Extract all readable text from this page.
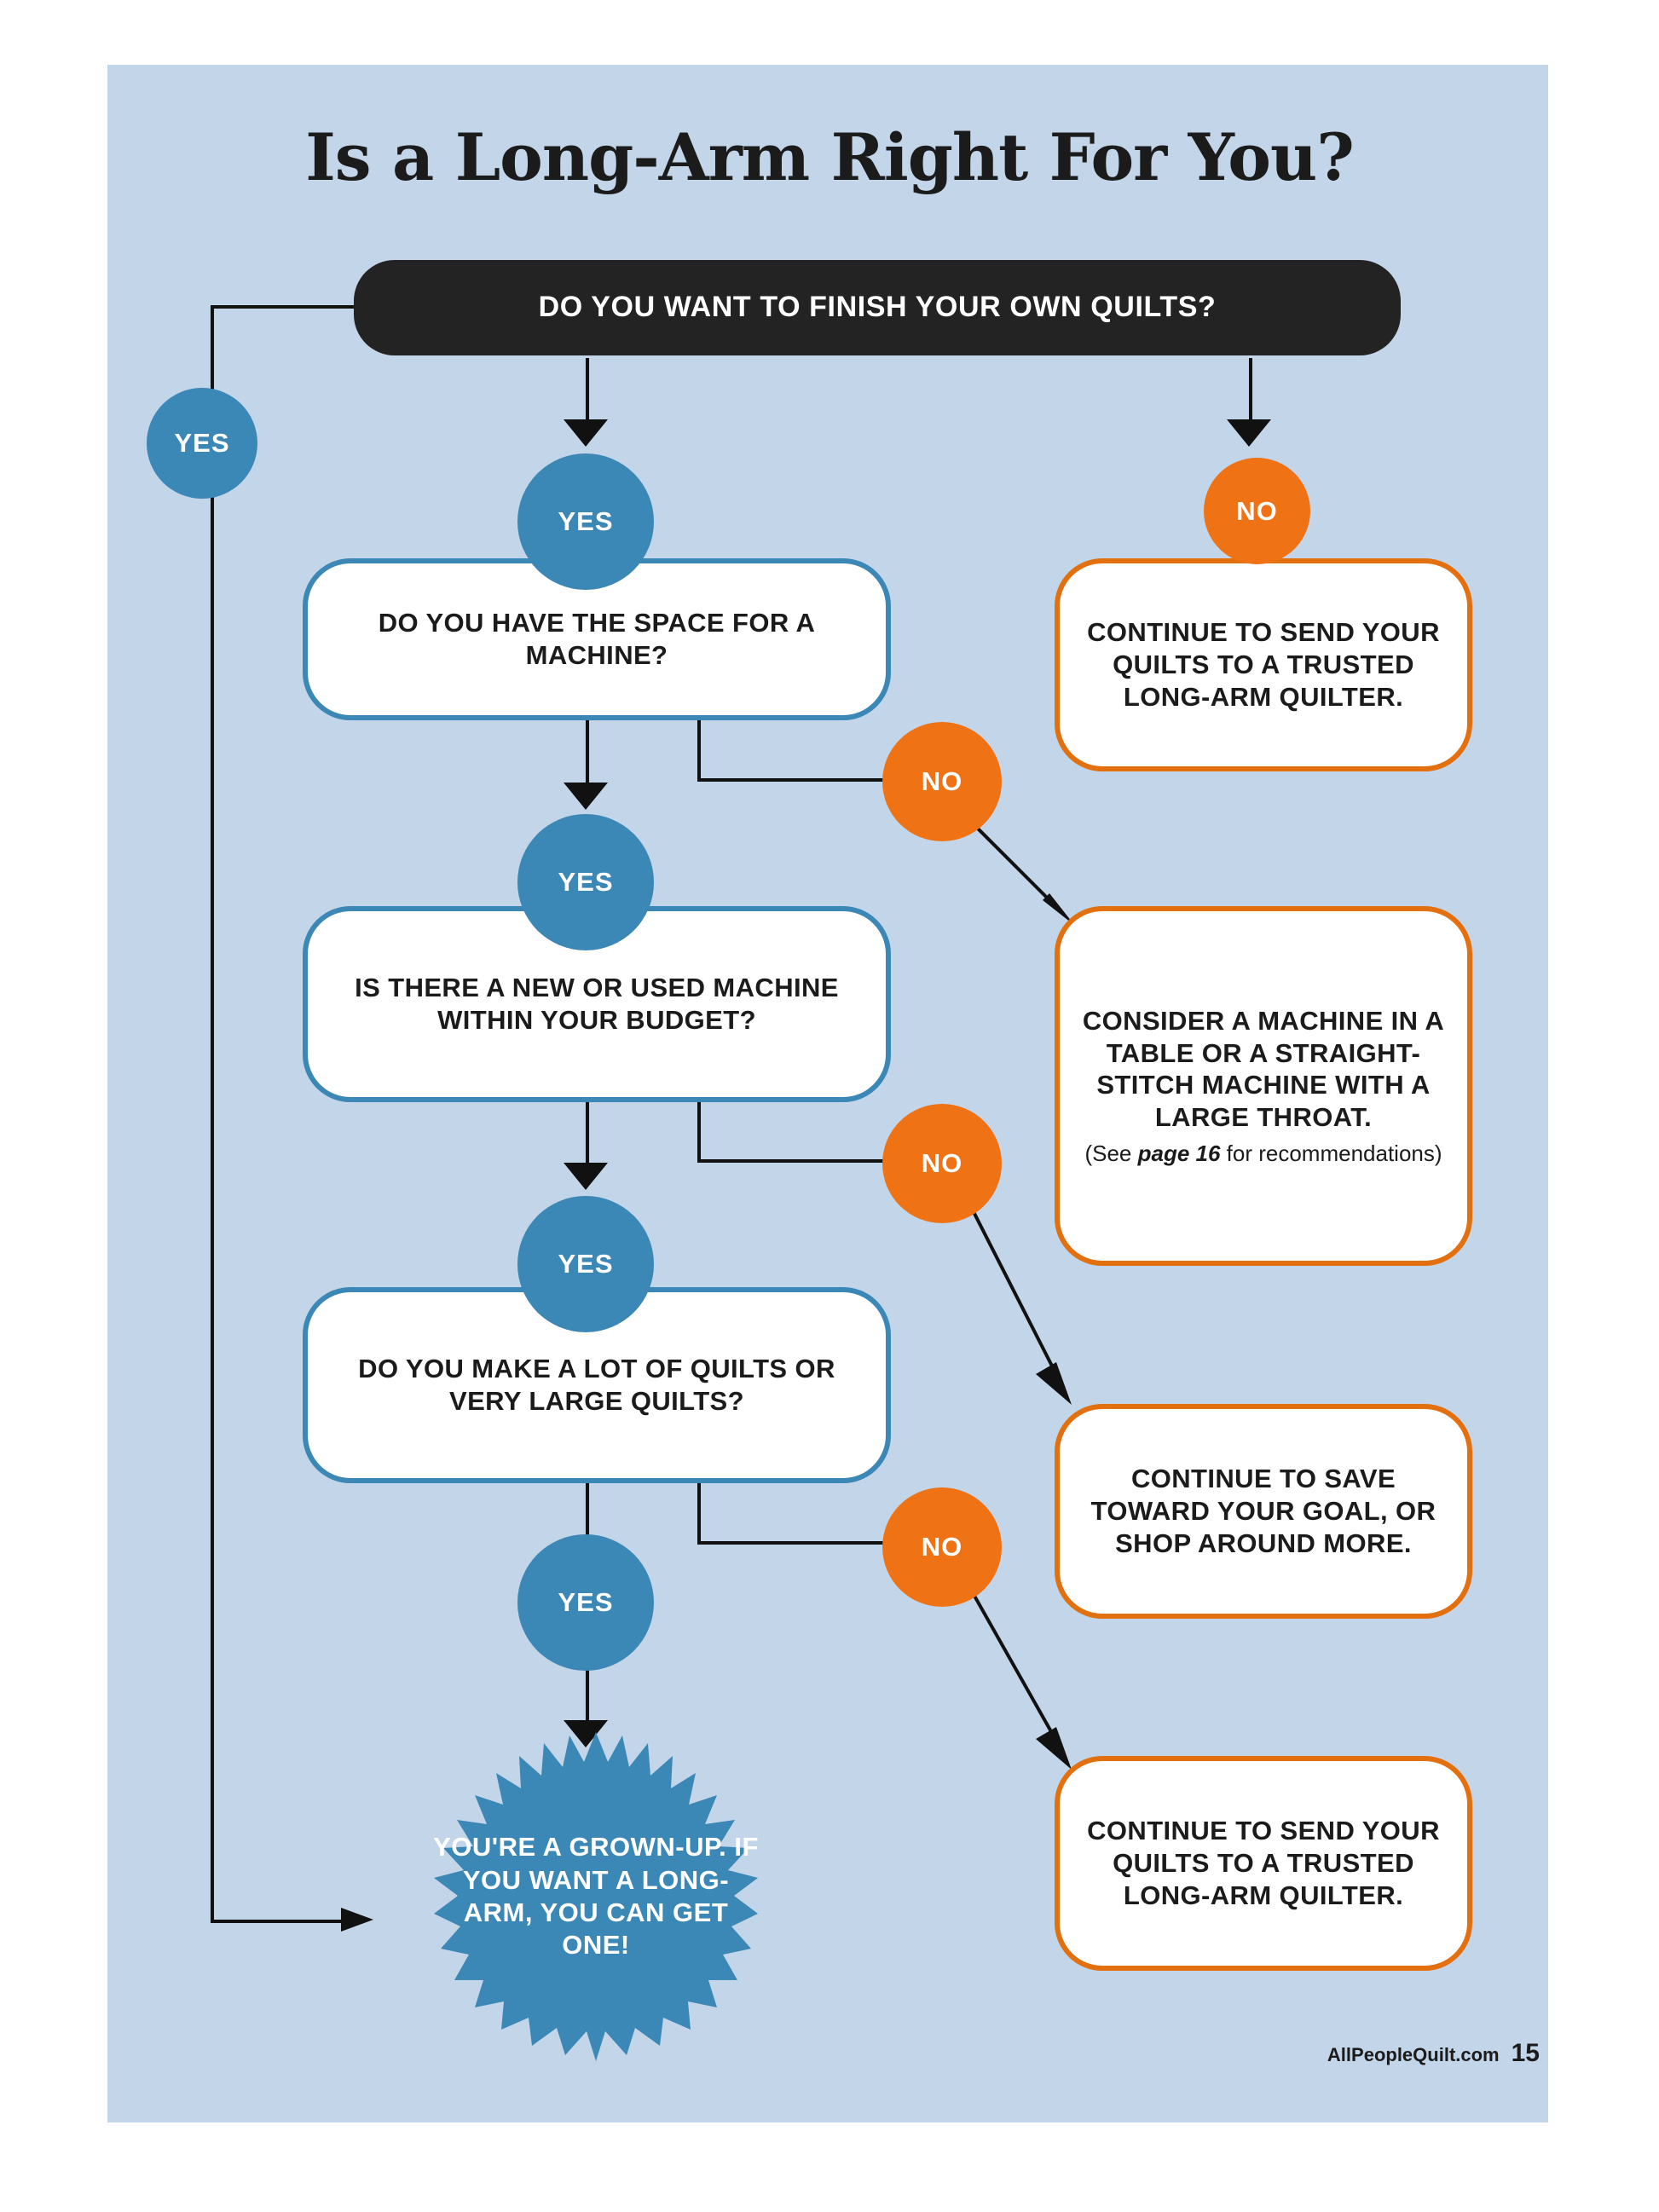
Is a Long-Arm Right For You?
DO YOU WANT TO FINISH YOUR OWN QUILTS?
YES
YES	NO
DO YOU HAVE THE SPACE FOR A MACHINE?
CONTINUE TO SEND YOUR QUILTS TO A TRUSTED LONG-ARM QUILTER.
NO
YES
IS THERE A NEW OR USED MACHINE WITHIN YOUR BUDGET?	CONSIDER A MACHINE IN A TABLE OR A STRAIGHT-STITCH MACHINE WITH A LARGE THROAT.
(See page 16 for recommendations)
NO
YES
DO YOU MAKE A LOT OF QUILTS OR VERY LARGE QUILTS?
CONTINUE TO SAVE TOWARD YOUR GOAL, OR SHOP AROUND MORE.
NO
YES
CONTINUE TO SEND YOUR QUILTS TO A TRUSTED LONG-ARM QUILTER.
YOU'RE A GROWN-UP. IF YOU WANT A LONG-ARM, YOU CAN GET ONE!
AllPeopleQuilt.com 15
